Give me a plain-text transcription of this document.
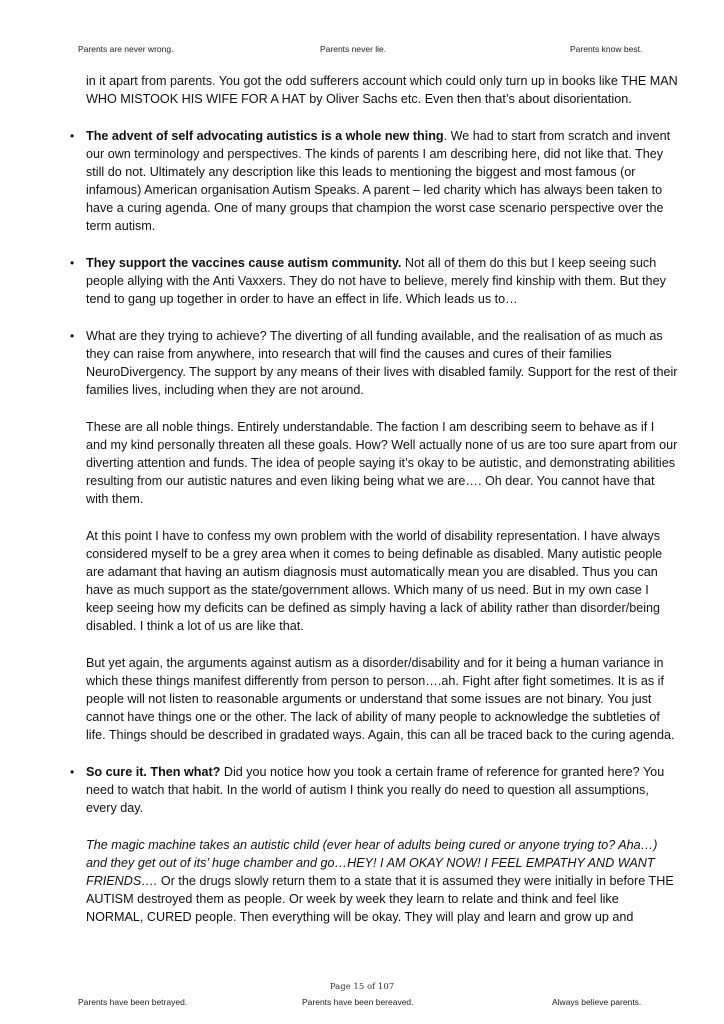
Parents are never wrong.	Parents never lie.	Parents know best.

in it apart from parents. You got the odd sufferers account which could only turn up in books like THE MAN WHO MISTOOK HIS WIFE FOR A HAT by Oliver Sachs etc. Even then that’s about disorientation.

• The advent of self advocating autistics is a whole new thing. We had to start from scratch and invent our own terminology and perspectives. The kinds of parents I am describing here, did not like that. They still do not. Ultimately any description like this leads to mentioning the biggest and most famous (or infamous) American organisation Autism Speaks. A parent – led charity which has always been taken to have a curing agenda. One of many groups that champion the worst case scenario perspective over the term autism.
• They support the vaccines cause autism community. Not all of them do this but I keep seeing such people allying with the Anti Vaxxers. They do not have to believe, merely find kinship with them. But they tend to gang up together in order to have an effect in life. Which leads us to…
• What are they trying to achieve? The diverting of all funding available, and the realisation of as much as they can raise from anywhere, into research that will find the causes and cures of their families NeuroDivergency. The support by any means of their lives with disabled family. Support for the rest of their families lives, including when they are not around.

These are all noble things. Entirely understandable. The faction I am describing seem to behave as if I and my kind personally threaten all these goals. How? Well actually none of us are too sure apart from our diverting attention and funds. The idea of people saying it’s okay to be autistic, and demonstrating abilities resulting from our autistic natures and even liking being what we are…. Oh dear. You cannot have that with them.

At this point I have to confess my own problem with the world of disability representation. I have always considered myself to be a grey area when it comes to being definable as disabled. Many autistic people are adamant that having an autism diagnosis must automatically mean you are disabled. Thus you can have as much support as the state/government allows. Which many of us need. But in my own case I keep seeing how my deficits can be defined as simply having a lack of ability rather than disorder/being disabled. I think a lot of us are like that.

But yet again, the arguments against autism as a disorder/disability and for it being a human variance in which these things manifest differently from person to person….ah. Fight after fight sometimes. It is as if people will not listen to reasonable arguments or understand that some issues are not binary. You just cannot have things one or the other. The lack of ability of many people to acknowledge the subtleties of life. Things should be described in gradated ways. Again, this can all be traced back to the curing agenda.

• So cure it. Then what? Did you notice how you took a certain frame of reference for granted here? You need to watch that habit. In the world of autism I think you really do need to question all assumptions, every day.

The magic machine takes an autistic child (ever hear of adults being cured or anyone trying to? Aha…) and they get out of its’ huge chamber and go…HEY! I AM OKAY NOW! I FEEL EMPATHY AND WANT FRIENDS…. Or the drugs slowly return them to a state that it is assumed they were initially in before THE AUTISM destroyed them as people. Or week by week they learn to relate and think and feel like NORMAL, CURED people. Then everything will be okay. They will play and learn and grow up and

Page 15 of 107
Parents have been betrayed.	Parents have been bereaved.	Always believe parents.
